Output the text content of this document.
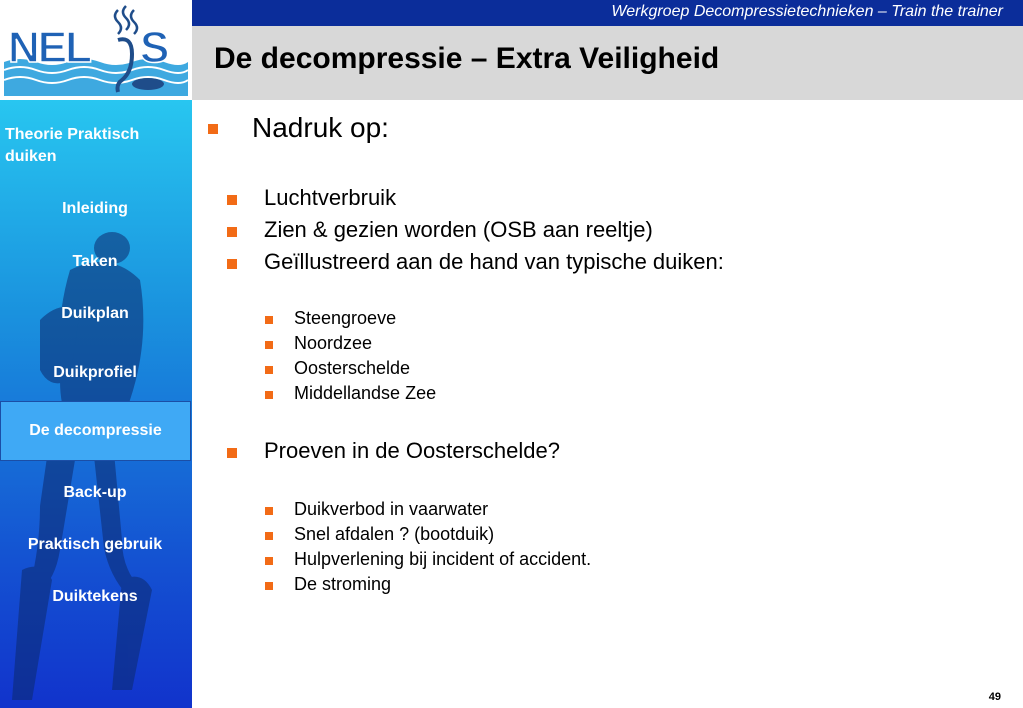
NEL S
Werkgroep Decompressietechnieken – Train the trainer
De decompressie – Extra Veiligheid
Theorie Praktisch duiken
Inleiding
Taken
Duikplan
Duikprofiel
De decompressie
Back-up
Praktisch gebruik
Duiktekens
Nadruk op:
Luchtverbruik
Zien & gezien worden (OSB aan reeltje)
Geïllustreerd aan de hand van typische duiken:
Steengroeve
Noordzee
Oosterschelde
Middellandse Zee
Proeven in de Oosterschelde?
Duikverbod in vaarwater
Snel afdalen ? (bootduik)
Hulpverlening bij incident of accident.
De stroming
49
